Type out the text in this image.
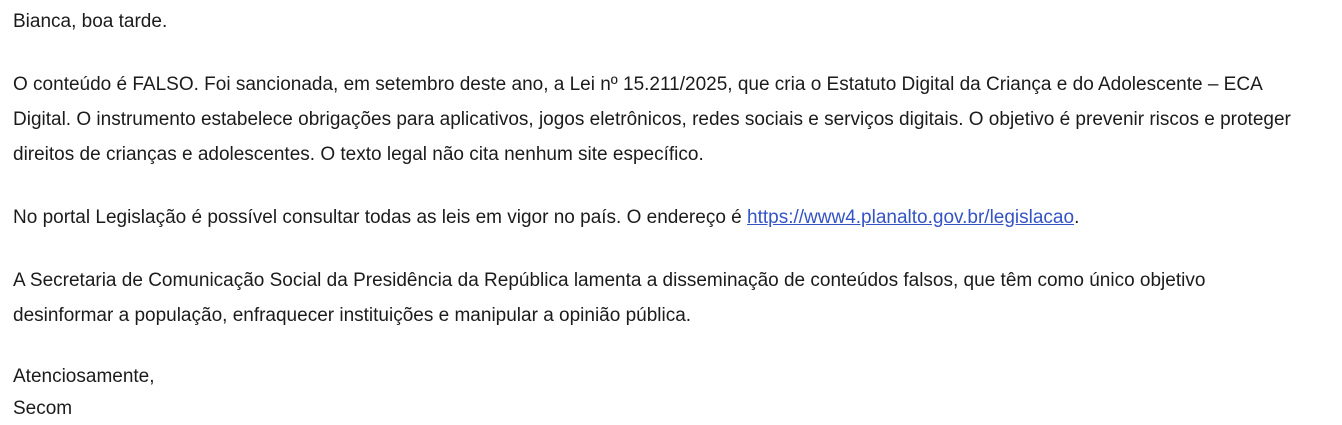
Bianca, boa tarde.
O conteúdo é FALSO. Foi sancionada, em setembro deste ano, a Lei nº 15.211/2025, que cria o Estatuto Digital da Criança e do Adolescente – ECA
Digital. O instrumento estabelece obrigações para aplicativos, jogos eletrônicos, redes sociais e serviços digitais. O objetivo é prevenir riscos e proteger
direitos de crianças e adolescentes. O texto legal não cita nenhum site específico.
No portal Legislação é possível consultar todas as leis em vigor no país. O endereço é https://www4.planalto.gov.br/legislacao.
A Secretaria de Comunicação Social da Presidência da República lamenta a disseminação de conteúdos falsos, que têm como único objetivo
desinformar a população, enfraquecer instituições e manipular a opinião pública.
Atenciosamente,
Secom
